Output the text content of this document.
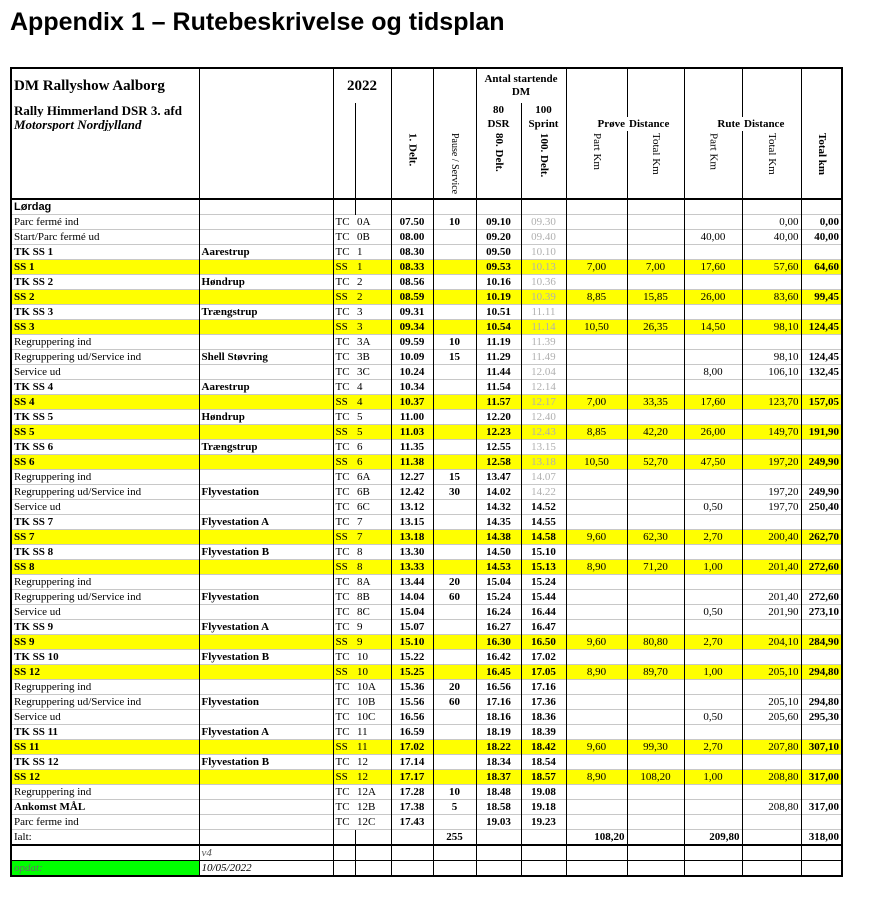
Appendix 1 – Rutebeskrivelse og tidsplan
DM Rallyshow Aalborg		2022				Antal startende
DM						
Rally Himmerland DSR 3. afd						80	100					
Motorsport Nordjylland						DSR	Sprint	Prøve	Distance	Rute	Distance	
				1. Delt.	Pause / Service	80. Delt.	100. Delt.	Part Km	Total Km	Part Km	Total Km	Total km
Lørdag												
Parc fermé ind		TC	0A	07.50	10	09.10	09.30				0,00	0,00
Start/Parc fermé ud		TC	0B	08.00		09.20	09.40			40,00	40,00	40,00
TK SS 1	Aarestrup	TC	1	08.30		09.50	10.10					
SS 1		SS	1	08.33		09.53	10.13	7,00	7,00	17,60	57,60	64,60
TK SS 2	Høndrup	TC	2	08.56		10.16	10.36					
SS 2		SS	2	08.59		10.19	10.39	8,85	15,85	26,00	83,60	99,45
TK SS 3	Trængstrup	TC	3	09.31		10.51	11.11					
SS 3		SS	3	09.34		10.54	11.14	10,50	26,35	14,50	98,10	124,45
Regruppering ind		TC	3A	09.59	10	11.19	11.39					
Regruppering ud/Service ind	Shell Støvring	TC	3B	10.09	15	11.29	11.49				98,10	124,45
Service ud		TC	3C	10.24		11.44	12.04			8,00	106,10	132,45
TK SS 4	Aarestrup	TC	4	10.34		11.54	12.14					
SS 4		SS	4	10.37		11.57	12.17	7,00	33,35	17,60	123,70	157,05
TK SS 5	Høndrup	TC	5	11.00		12.20	12.40					
SS 5		SS	5	11.03		12.23	12.43	8,85	42,20	26,00	149,70	191,90
TK SS 6	Trængstrup	TC	6	11.35		12.55	13.15					
SS 6		SS	6	11.38		12.58	13.18	10,50	52,70	47,50	197,20	249,90
Regruppering ind		TC	6A	12.27	15	13.47	14.07					
Regruppering ud/Service ind	Flyvestation	TC	6B	12.42	30	14.02	14.22				197,20	249,90
Service ud		TC	6C	13.12		14.32	14.52			0,50	197,70	250,40
TK SS 7	Flyvestation A	TC	7	13.15		14.35	14.55					
SS 7		SS	7	13.18		14.38	14.58	9,60	62,30	2,70	200,40	262,70
TK SS 8	Flyvestation B	TC	8	13.30		14.50	15.10					
SS 8		SS	8	13.33		14.53	15.13	8,90	71,20	1,00	201,40	272,60
Regruppering ind		TC	8A	13.44	20	15.04	15.24					
Regruppering ud/Service ind	Flyvestation	TC	8B	14.04	60	15.24	15.44				201,40	272,60
Service ud		TC	8C	15.04		16.24	16.44			0,50	201,90	273,10
TK SS 9	Flyvestation A	TC	9	15.07		16.27	16.47					
SS 9		SS	9	15.10		16.30	16.50	9,60	80,80	2,70	204,10	284,90
TK SS 10	Flyvestation B	TC	10	15.22		16.42	17.02					
SS 12		SS	10	15.25		16.45	17.05	8,90	89,70	1,00	205,10	294,80
Regruppering ind		TC	10A	15.36	20	16.56	17.16					
Regruppering ud/Service ind	Flyvestation	TC	10B	15.56	60	17.16	17.36				205,10	294,80
Service ud		TC	10C	16.56		18.16	18.36			0,50	205,60	295,30
TK SS 11	Flyvestation A	TC	11	16.59		18.19	18.39					
SS 11		SS	11	17.02		18.22	18.42	9,60	99,30	2,70	207,80	307,10
TK SS 12	Flyvestation B	TC	12	17.14		18.34	18.54					
SS 12		SS	12	17.17		18.37	18.57	8,90	108,20	1,00	208,80	317,00
Regruppering ind		TC	12A	17.28	10	18.48	19.08					
Ankomst MÅL		TC	12B	17.38	5	18.58	19.18				208,80	317,00
Parc ferme ind		TC	12C	17.43		19.03	19.23					
Ialt:					255			108,20		209,80		318,00
	v4											
opdat:	10/05/2022											
